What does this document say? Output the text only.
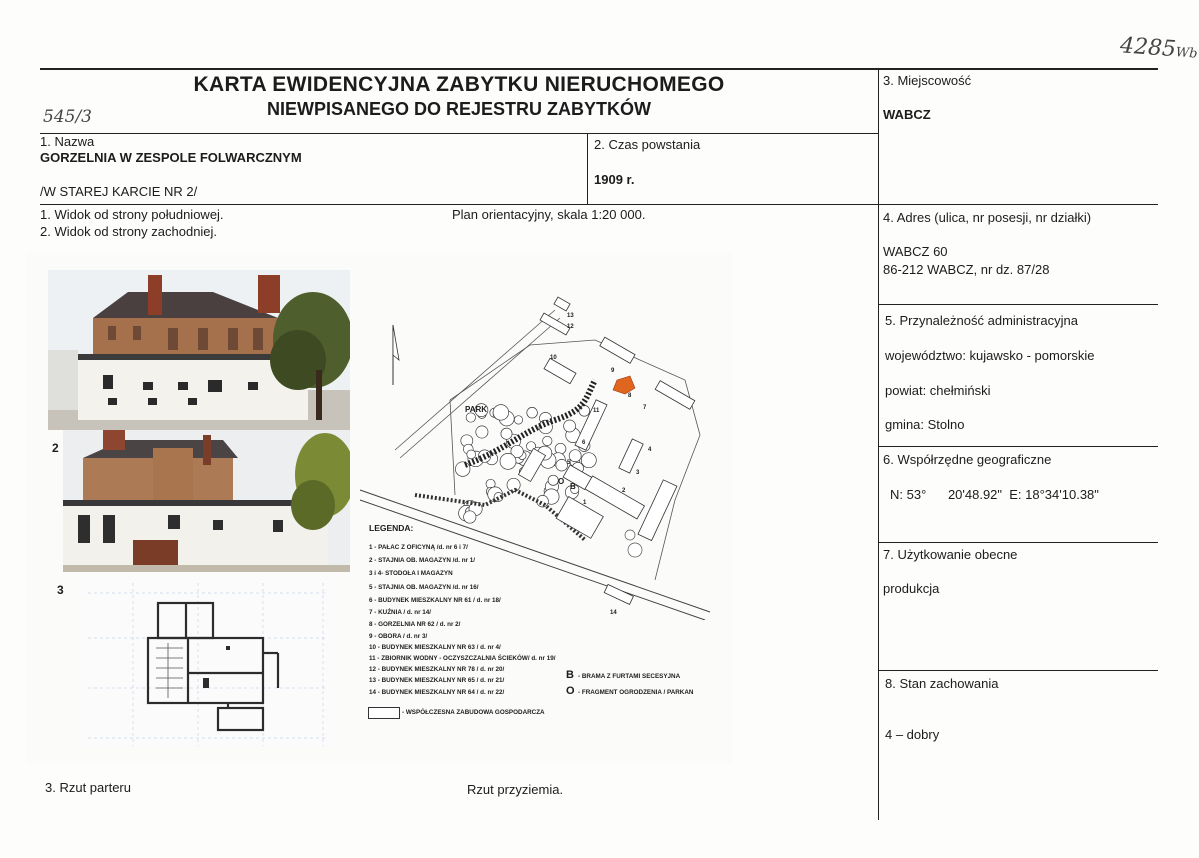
4285Wb
KARTA EWIDENCYJNA ZABYTKU NIERUCHOMEGO
NIEWPISANEGO DO REJESTRU ZABYTKÓW
545/3
1. Nazwa
GORZELNIA W ZESPOLE FOLWARCZNYM
/W STAREJ KARCIE NR 2/
2. Czas powstania
1909 r.
3. Miejscowość
WABCZ
4. Adres (ulica, nr posesji, nr działki)
WABCZ 60
86-212 WABCZ, nr dz. 87/28
5. Przynależność administracyjna
województwo: kujawsko - pomorskie
powiat: chełmiński
gmina: Stolno
6. Współrzędne geograficzne
N: 53°      20'48.92"  E: 18°34'10.38"
7. Użytkowanie obecne
produkcja
8. Stan zachowania
4 – dobry
1. Widok od strony południowej.
2. Widok od strony zachodniej.
Plan orientacyjny, skala 1:20 000.
3. Rzut parteru	Rzut przyziemia.
2
3
PARK
1
2
3
4
5
6
7
8
9
10
11
12
13
14
B
O
LEGENDA:
1 - PAŁAC Z OFICYNĄ /d. nr 6 i 7/
2 - STAJNIA OB. MAGAZYN /d. nr 1/
3 i 4- STODOŁA I MAGAZYN
5 - STAJNIA OB. MAGAZYN /d. nr 16/
6 - BUDYNEK MIESZKALNY NR 61 / d. nr 18/
7 - KUŹNIA / d. nr 14/
8 - GORZELNIA NR 62 / d. nr 2/
9 - OBORA / d. nr 3/
10 - BUDYNEK MIESZKALNY NR 63 / d. nr 4/
11 - ZBIORNIK WODNY - OCZYSZCZALNIA ŚCIEKÓW/ d. nr 19/
12 - BUDYNEK MIESZKALNY NR 78 / d. nr 20/
13 - BUDYNEK MIESZKALNY NR 65 / d. nr 21/
14 - BUDYNEK MIESZKALNY NR 64 / d. nr 22/
B - BRAMA Z FURTAMI SECESYJNA
O - FRAGMENT OGRODZENIA / PARKAN
- WSPÓŁCZESNA ZABUDOWA GOSPODARCZA
